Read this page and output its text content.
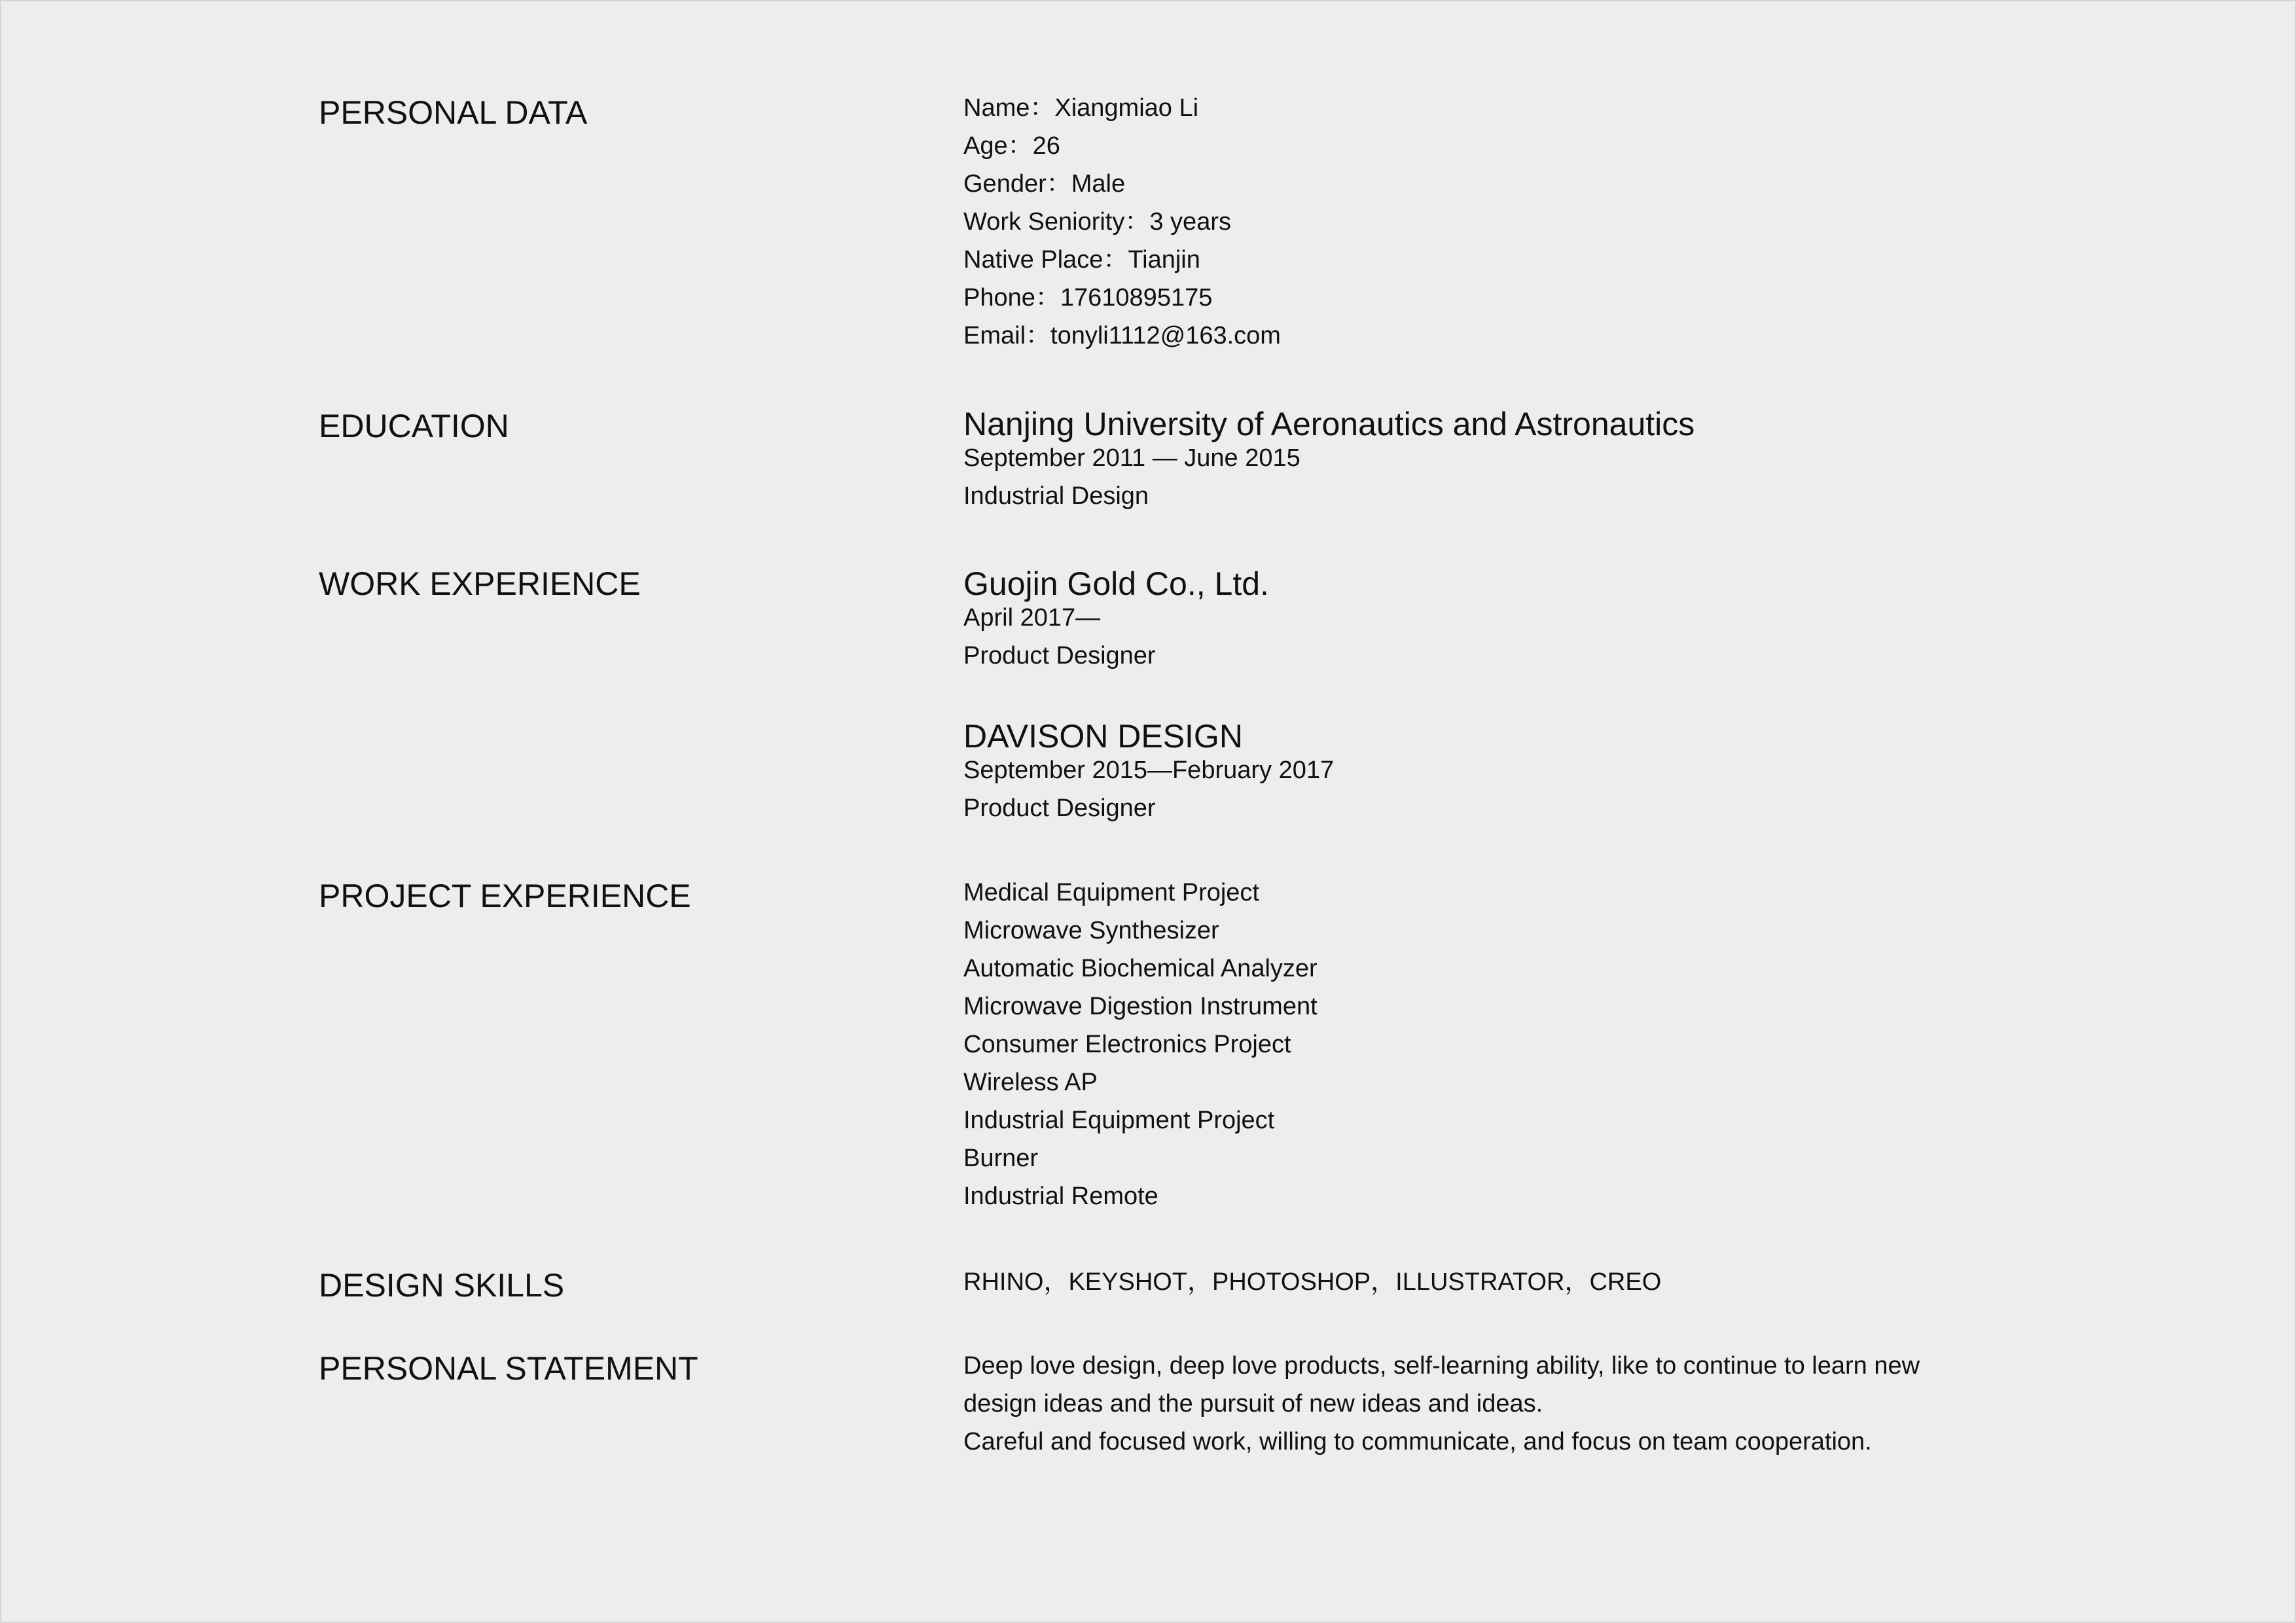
PERSONAL DATA	Name：Xiangmiao Li
Age：26
Gender：Male
Work Seniority：3 years
Native Place：Tianjin
Phone：17610895175
Email：tonyli1112@163.com
EDUCATION	Nanjing University of Aeronautics and Astronautics
September 2011 — June 2015
Industrial Design
WORK EXPERIENCE	Guojin Gold Co., Ltd.
April 2017—
Product Designer
DAVISON DESIGN
September 2015—February 2017
Product Designer
PROJECT EXPERIENCE	Medical Equipment Project
Microwave Synthesizer
Automatic Biochemical Analyzer
Microwave Digestion Instrument
Consumer Electronics Project
Wireless AP
Industrial Equipment Project
Burner
Industrial Remote
DESIGN SKILLS	RHINO，KEYSHOT，PHOTOSHOP，ILLUSTRATOR，CREO
PERSONAL STATEMENT	Deep love design, deep love products, self-learning ability, like to continue to learn new
design ideas and the pursuit of new ideas and ideas.
Careful and focused work, willing to communicate, and focus on team cooperation.
